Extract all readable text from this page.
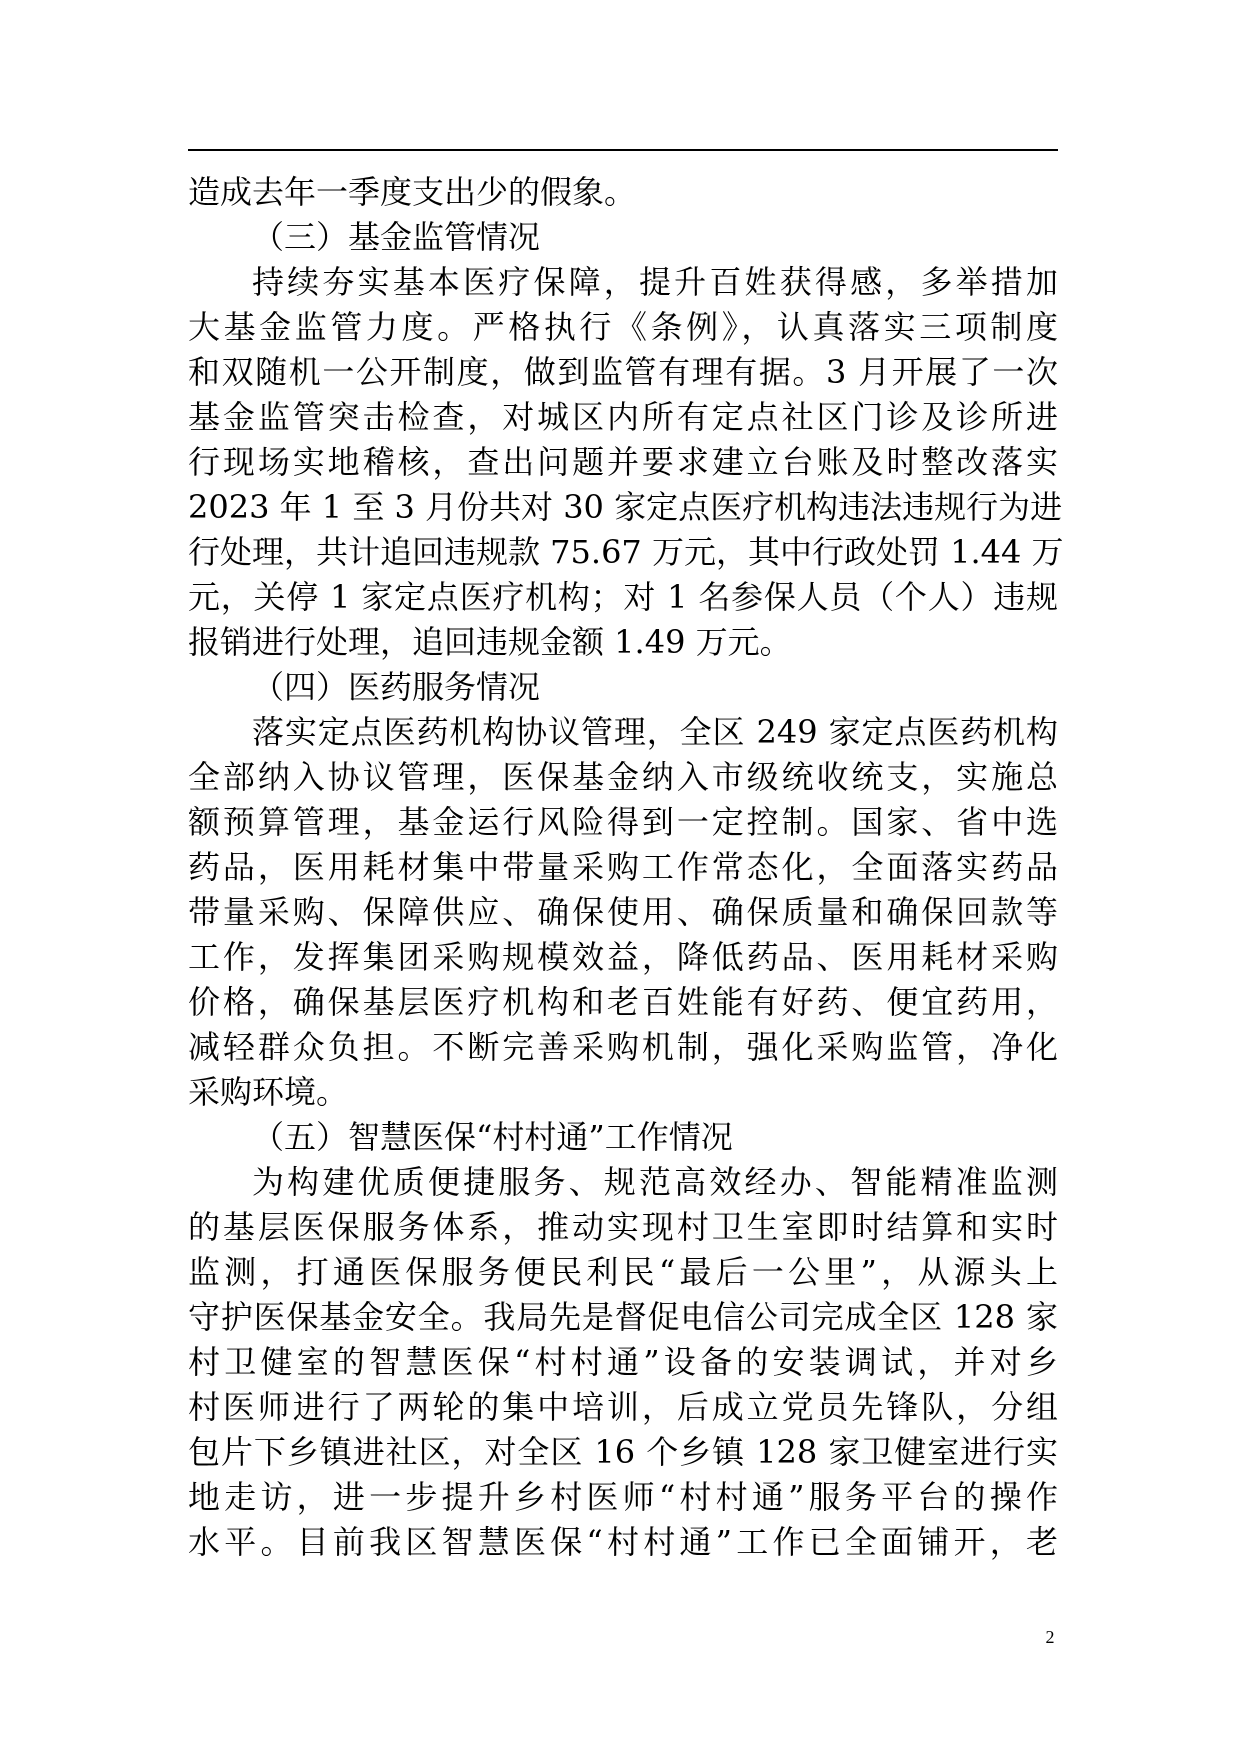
造成去年一季度支出少的假象。
（三）基金监管情况
持续夯实基本医疗保障，提升百姓获得感，多举措加
大基金监管力度。严格执行《条例》，认真落实三项制度
和双随机一公开制度，做到监管有理有据。3 月开展了一次
基金监管突击检查，对城区内所有定点社区门诊及诊所进
行现场实地稽核，查出问题并要求建立台账及时整改落实
2023 年 1 至 3 月份共对 30 家定点医疗机构违法违规行为进
行处理，共计追回违规款 75.67 万元，其中行政处罚 1.44 万
元，关停 1 家定点医疗机构；对 1 名参保人员（个人）违规
报销进行处理，追回违规金额 1.49 万元。
（四）医药服务情况
落实定点医药机构协议管理，全区 249 家定点医药机构
全部纳入协议管理，医保基金纳入市级统收统支，实施总
额预算管理，基金运行风险得到一定控制。国家、省中选
药品，医用耗材集中带量采购工作常态化，全面落实药品
带量采购、保障供应、确保使用、确保质量和确保回款等
工作，发挥集团采购规模效益，降低药品、医用耗材采购
价格，确保基层医疗机构和老百姓能有好药、便宜药用，
减轻群众负担。不断完善采购机制，强化采购监管，净化
采购环境。
（五）智慧医保“村村通”工作情况
为构建优质便捷服务、规范高效经办、智能精准监测
的基层医保服务体系，推动实现村卫生室即时结算和实时
监测，打通医保服务便民利民“最后一公里”，从源头上
守护医保基金安全。我局先是督促电信公司完成全区 128 家
村卫健室的智慧医保“村村通”设备的安装调试，并对乡
村医师进行了两轮的集中培训，后成立党员先锋队，分组
包片下乡镇进社区，对全区 16 个乡镇 128 家卫健室进行实
地走访，进一步提升乡村医师“村村通”服务平台的操作
水平。目前我区智慧医保“村村通”工作已全面铺开，老
2
